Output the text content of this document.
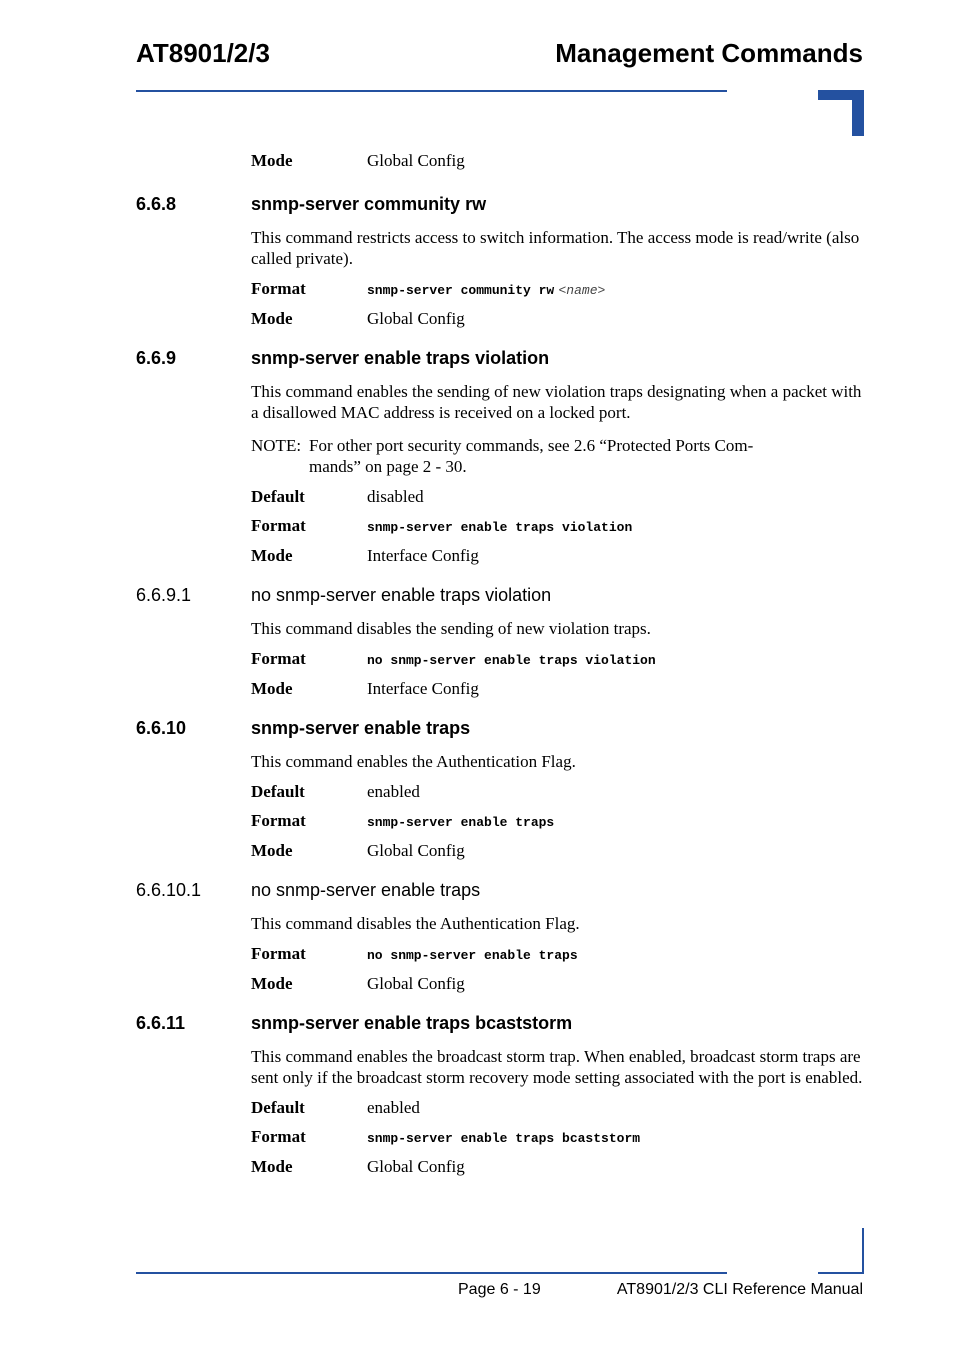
AT8901/2/3	Management Commands
Mode	Global Config
6.6.8	snmp-server community rw
This command restricts access to switch information. The access mode is read/write (also called private).
Format	snmp-server community rw <name>
Mode	Global Config
6.6.9	snmp-server enable traps violation
This command enables the sending of new violation traps designating when a packet with a disallowed MAC address is received on a locked port.
NOTE: For other port security commands, see 2.6 “Protected Ports Com-
mands” on page 2 - 30.
Default	disabled
Format	snmp-server enable traps violation
Mode	Interface Config
6.6.9.1	no snmp-server enable traps violation
This command disables the sending of new violation traps.
Format	no snmp-server enable traps violation
Mode	Interface Config
6.6.10	snmp-server enable traps
This command enables the Authentication Flag.
Default	enabled
Format	snmp-server enable traps
Mode	Global Config
6.6.10.1	no snmp-server enable traps
This command disables the Authentication Flag.
Format	no snmp-server enable traps
Mode	Global Config
6.6.11	snmp-server enable traps bcaststorm
This command enables the broadcast storm trap. When enabled, broadcast storm traps are sent only if the broadcast storm recovery mode setting associated with the port is enabled.
Default	enabled
Format	snmp-server enable traps bcaststorm
Mode	Global Config
Page 6 - 19	AT8901/2/3 CLI Reference Manual
